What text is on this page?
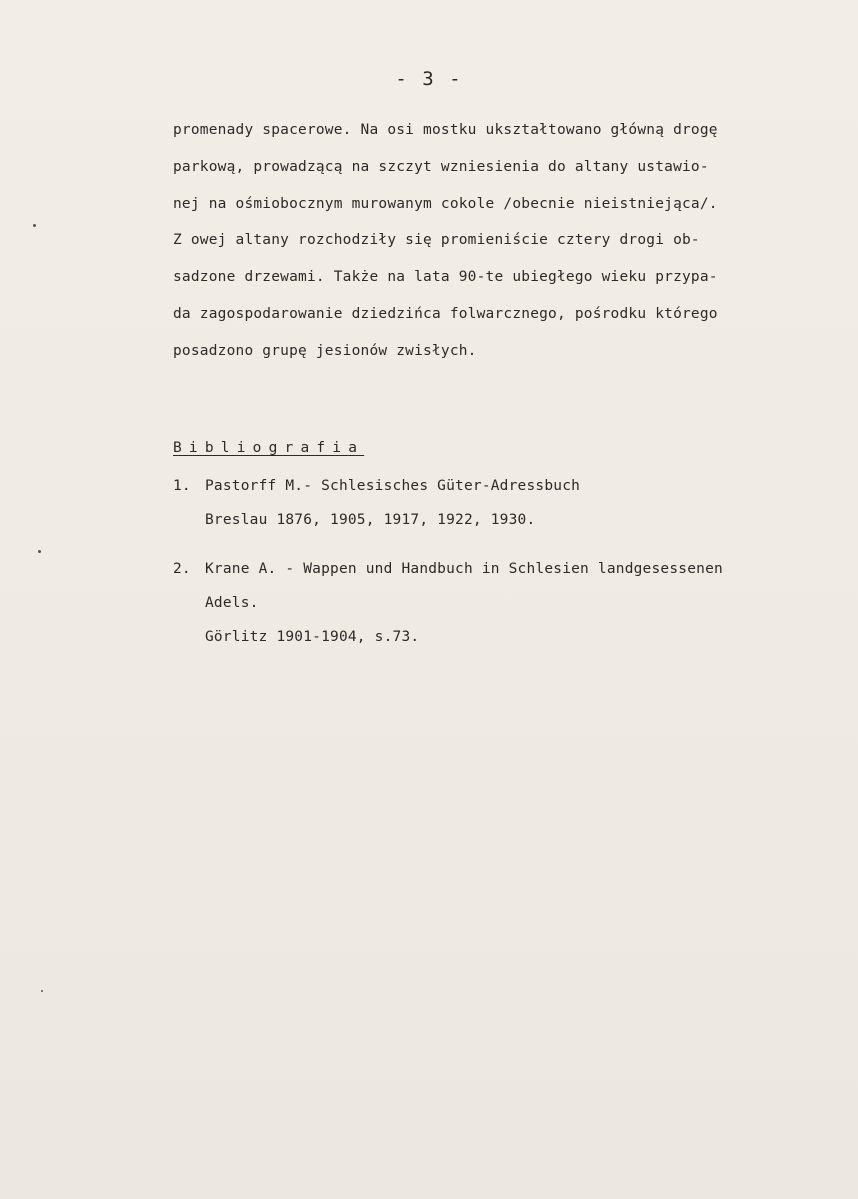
- 3 -
promenady spacerowe. Na osi mostku ukształtowano główną drogę
parkową, prowadzącą na szczyt wzniesienia do altany ustawio-
nej na ośmiobocznym murowanym cokole /obecnie nieistniejąca/.
Z owej altany rozchodziły się promieniście cztery drogi ob-
sadzone drzewami. Także na lata 90-te ubiegłego wieku przypa-
da zagospodarowanie dziedzińca folwarcznego, pośrodku którego
posadzono grupę jesionów zwisłych.
Bibliografia
1. Pastorff M.- Schlesisches Güter-Adressbuch
Breslau 1876, 1905, 1917, 1922, 1930.
2. Krane A. - Wappen und Handbuch in Schlesien landgesessenen
Adels.
Görlitz 1901-1904, s.73.
